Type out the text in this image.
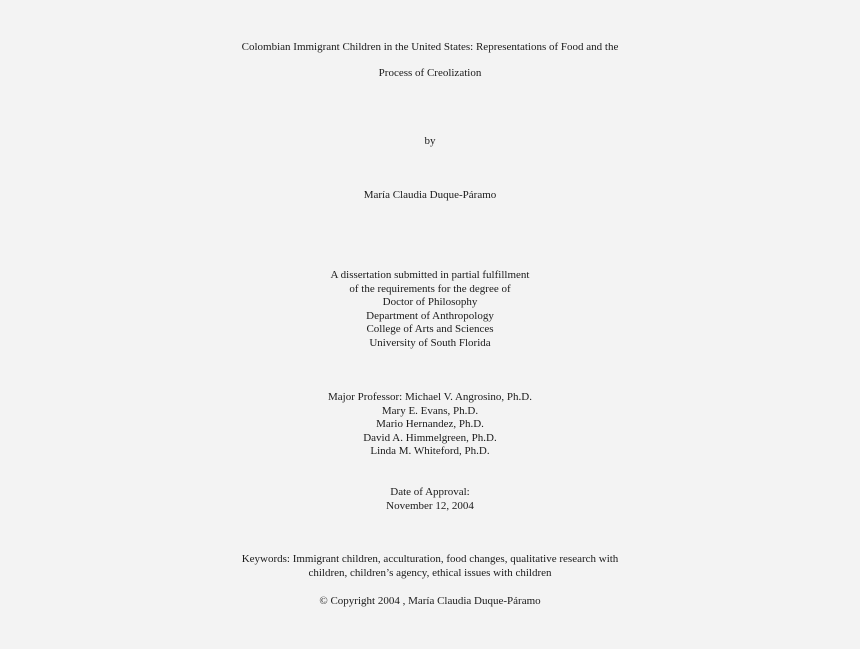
Colombian Immigrant Children in the United States: Representations of Food and the
Process of Creolization
by
María Claudia Duque-Páramo
A dissertation submitted in partial fulfillment
of the requirements for the degree of
Doctor of Philosophy
Department of Anthropology
College of Arts and Sciences
University of South Florida
Major Professor: Michael V. Angrosino, Ph.D.
Mary E. Evans, Ph.D.
Mario Hernandez, Ph.D.
David A. Himmelgreen, Ph.D.
Linda M. Whiteford, Ph.D.
Date of Approval:
November 12, 2004
Keywords: Immigrant children, acculturation, food changes, qualitative research with
children, children’s agency, ethical issues with children
© Copyright 2004 , María Claudia Duque-Páramo
